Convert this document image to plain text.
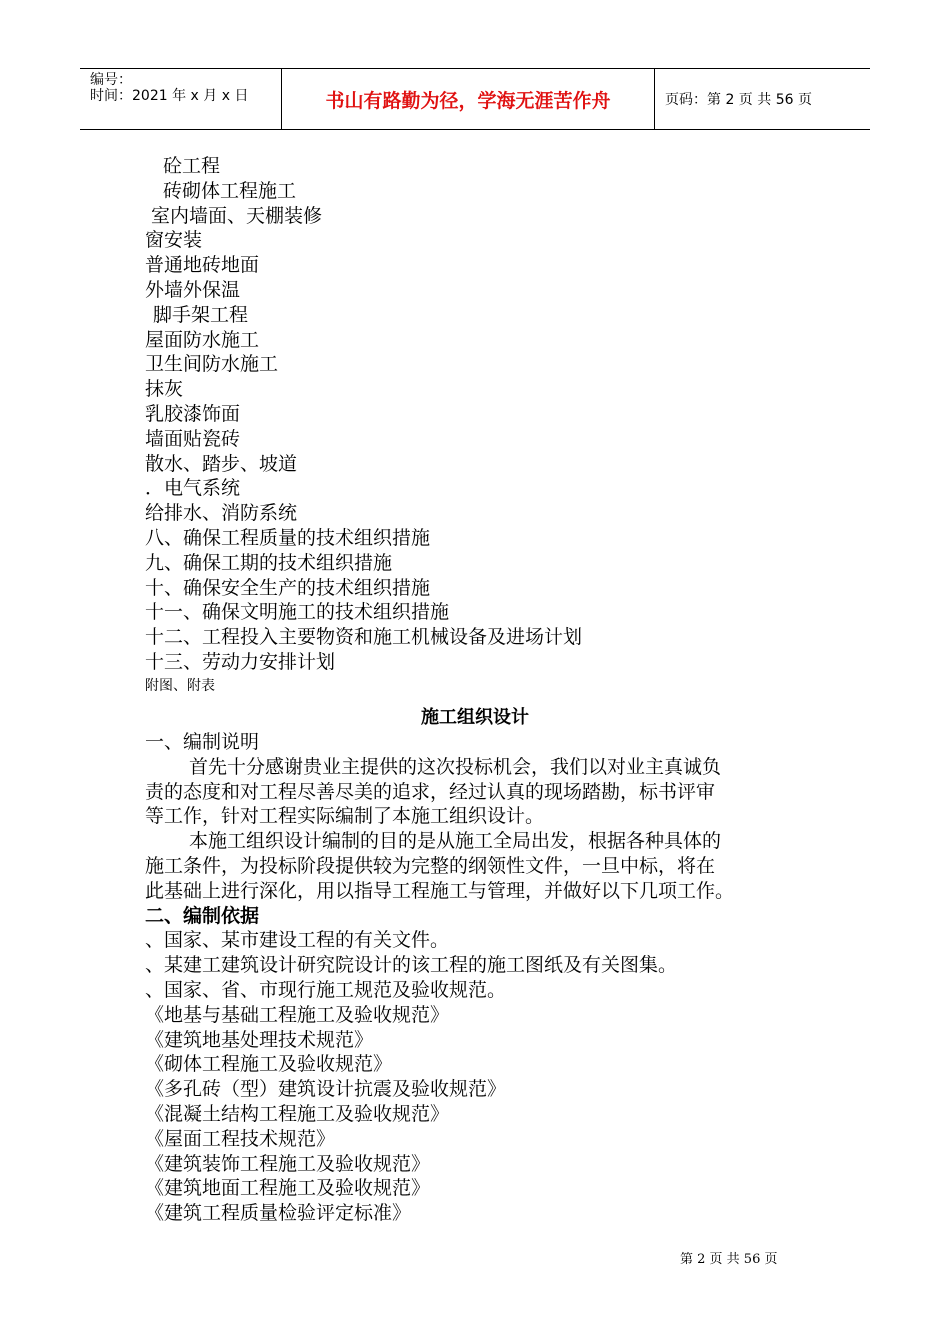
编号：
时间：2021 年 x 月 x 日	书山有路勤为径，学海无涯苦作舟	页码：第 2 页 共 56 页
砼工程
砖砌体工程施工
室内墙面、天棚装修
窗安装
普通地砖地面
外墙外保温
脚手架工程
屋面防水施工
卫生间防水施工
抹灰
乳胶漆饰面
墙面贴瓷砖
散水、踏步、坡道
．电气系统
给排水、消防系统
八、确保工程质量的技术组织措施
九、确保工期的技术组织措施
十、确保安全生产的技术组织措施
十一、确保文明施工的技术组织措施
十二、工程投入主要物资和施工机械设备及进场计划
十三、劳动力安排计划
附图、附表
施工组织设计
一、编制说明
首先十分感谢贵业主提供的这次投标机会，我们以对业主真诚负
责的态度和对工程尽善尽美的追求，经过认真的现场踏勘，标书评审
等工作，针对工程实际编制了本施工组织设计。
本施工组织设计编制的目的是从施工全局出发，根据各种具体的
施工条件，为投标阶段提供较为完整的纲领性文件，一旦中标，将在
此基础上进行深化，用以指导工程施工与管理，并做好以下几项工作。
二、编制依据
、国家、某市建设工程的有关文件。
、某建工建筑设计研究院设计的该工程的施工图纸及有关图集。
、国家、省、市现行施工规范及验收规范。
《地基与基础工程施工及验收规范》
《建筑地基处理技术规范》
《砌体工程施工及验收规范》
《多孔砖（型）建筑设计抗震及验收规范》
《混凝土结构工程施工及验收规范》
《屋面工程技术规范》
《建筑装饰工程施工及验收规范》
《建筑地面工程施工及验收规范》
《建筑工程质量检验评定标准》
第 2 页 共 56 页
